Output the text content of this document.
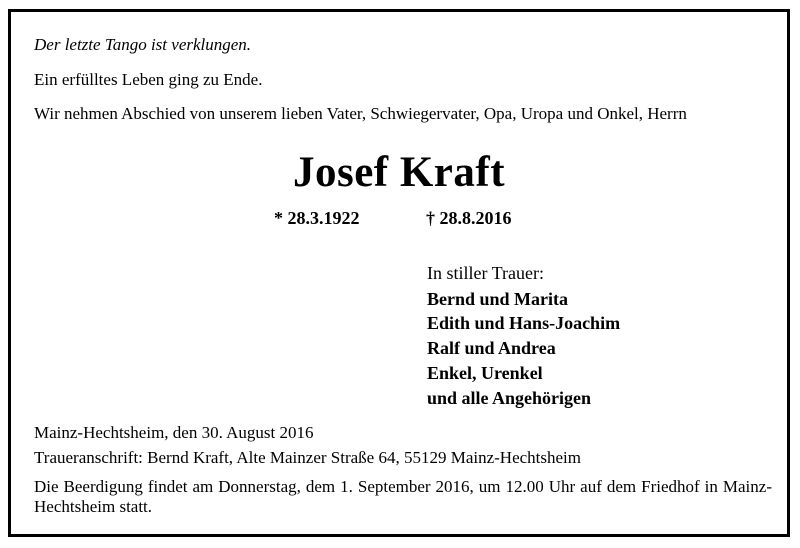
Der letzte Tango ist verklungen.
Ein erfülltes Leben ging zu Ende.
Wir nehmen Abschied von unserem lieben Vater, Schwiegervater, Opa, Uropa und Onkel, Herrn
Josef Kraft
* 28.3.1922	† 28.8.2016
In stiller Trauer:
Bernd und Marita
Edith und Hans-Joachim
Ralf und Andrea
Enkel, Urenkel
und alle Angehörigen
Mainz-Hechtsheim, den 30. August 2016
Traueranschrift: Bernd Kraft, Alte Mainzer Straße 64, 55129 Mainz-Hechtsheim
Die Beerdigung findet am Donnerstag, dem 1. September 2016, um 12.00 Uhr auf dem Friedhof in Mainz-Hechtsheim statt.
